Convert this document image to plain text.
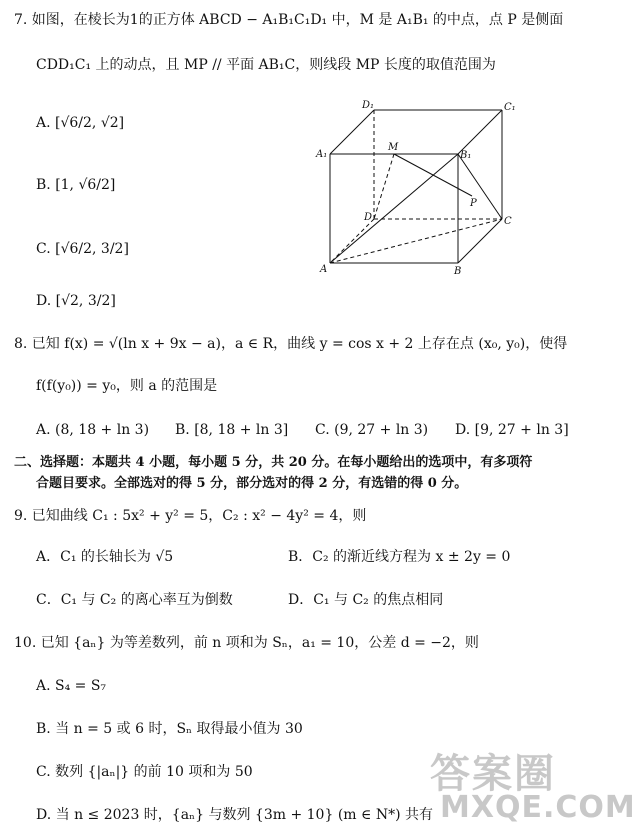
7. 如图，在棱长为1的正方体 ABCD − A₁B₁C₁D₁ 中，M 是 A₁B₁ 的中点，点 P 是侧面
CDD₁C₁ 上的动点，且 MP // 平面 AB₁C，则线段 MP 长度的取值范围为
A. [√6/2, √2]
B. [1, √6/2]
C. [√6/2, 3/2]
D. [√2, 3/2]
D₁	C₁
A₁
M
B₁
P
D	C
A	B
8. 已知 f(x) = √(ln x + 9x − a)，a ∈ R，曲线 y = cos x + 2 上存在点 (x₀, y₀)，使得
f(f(y₀)) = y₀，则 a 的范围是
A. (8, 18 + ln 3) B. [8, 18 + ln 3] C. (9, 27 + ln 3) D. [9, 27 + ln 3]
二、选择题：本题共 4 小题，每小题 5 分，共 20 分。在每小题给出的选项中，有多项符
合题目要求。全部选对的得 5 分，部分选对的得 2 分，有选错的得 0 分。
9. 已知曲线 C₁ : 5x² + y² = 5，C₂ : x² − 4y² = 4，则
A．C₁ 的长轴长为 √5	B．C₂ 的渐近线方程为 x ± 2y = 0
C．C₁ 与 C₂ 的离心率互为倒数	D．C₁ 与 C₂ 的焦点相同
10. 已知 {aₙ} 为等差数列，前 n 项和为 Sₙ，a₁ = 10，公差 d = −2，则
A. S₄ = S₇
B. 当 n = 5 或 6 时，Sₙ 取得最小值为 30
C. 数列 {|aₙ|} 的前 10 项和为 50
D. 当 n ≤ 2023 时，{aₙ} 与数列 {3m + 10} (m ∈ N*) 共有
答案圈
MXQE.COM
